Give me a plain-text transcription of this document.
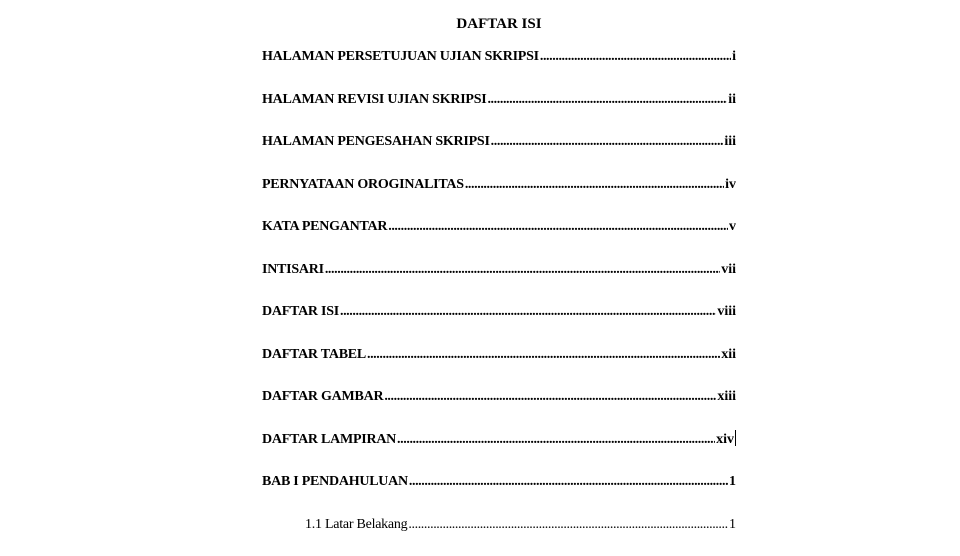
DAFTAR ISI
HALAMAN PERSETUJUAN UJIAN SKRIPSI .....	i
HALAMAN REVISI UJIAN SKRIPSI .....	ii
HALAMAN PENGESAHAN SKRIPSI .....	iii
PERNYATAAN OROGINALITAS .....	iv
KATA PENGANTAR .....	v
INTISARI .....	vii
DAFTAR ISI .....	viii
DAFTAR TABEL .....	xii
DAFTAR GAMBAR .....	xiii
DAFTAR LAMPIRAN .....	xiv
BAB I PENDAHULUAN .....	1
1.1 Latar Belakang .....	1
